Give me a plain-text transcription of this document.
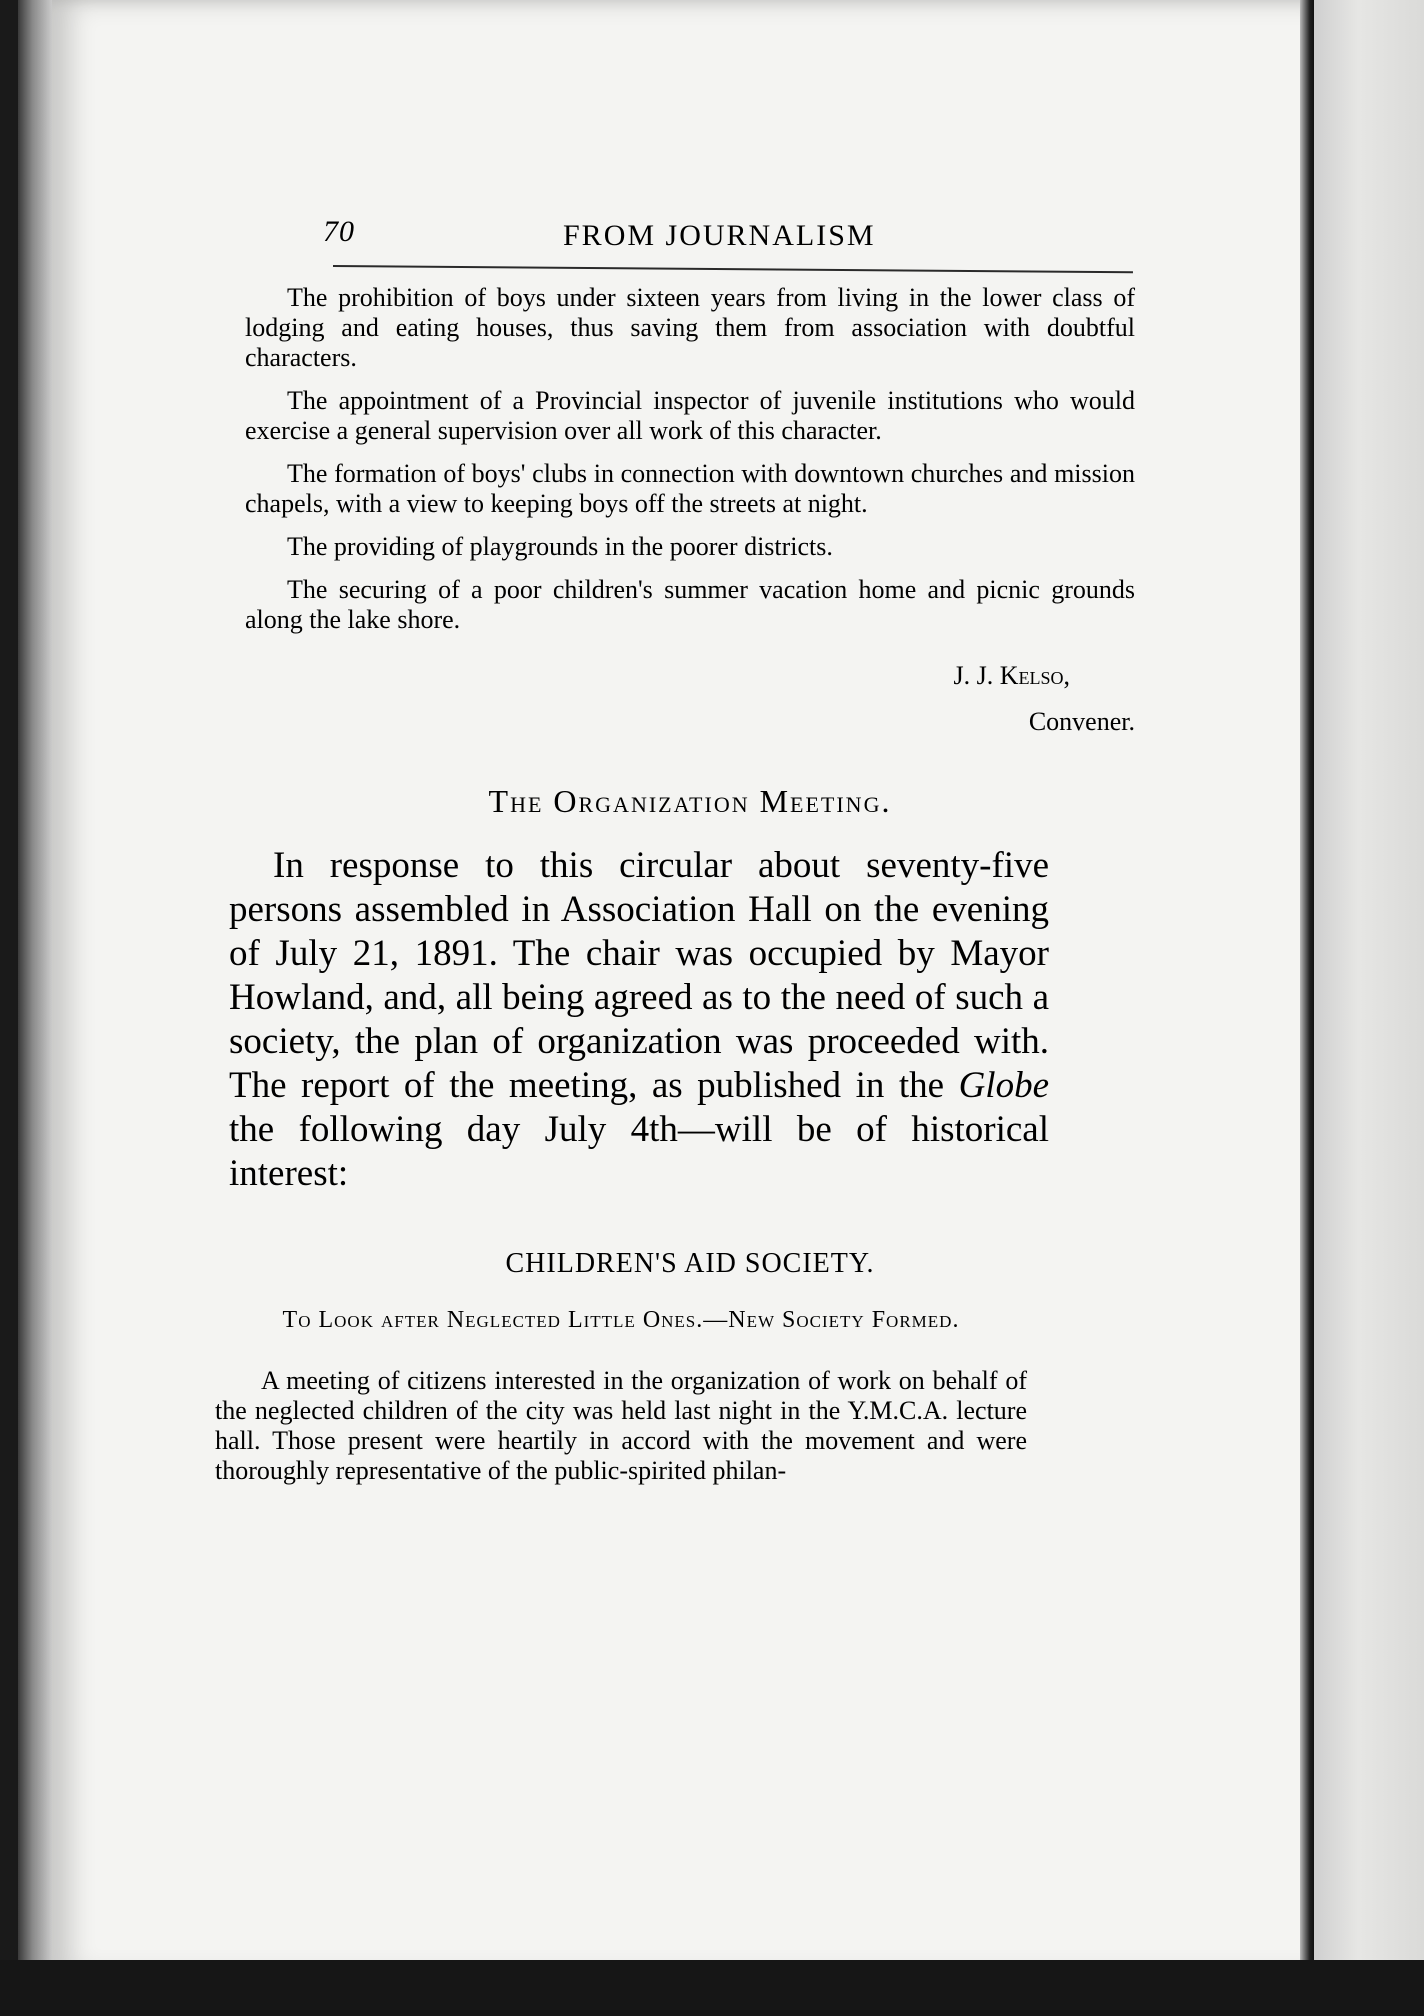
70	FROM JOURNALISM

The prohibition of boys under sixteen years from living in the lower class of lodging and eating houses, thus saving them from association with doubtful characters.

The appointment of a Provincial inspector of juvenile institutions who would exercise a general supervision over all work of this character.

The formation of boys' clubs in connection with downtown churches and mission chapels, with a view to keeping boys off the streets at night.

The providing of playgrounds in the poorer districts.

The securing of a poor children's summer vacation home and picnic grounds along the lake shore.

J. J. Kelso,
Convener.
The Organization Meeting.

In response to this circular about seventy-five persons assembled in Association Hall on the evening of July 21, 1891. The chair was occupied by Mayor Howland, and, all being agreed as to the need of such a society, the plan of organization was proceeded with. The report of the meeting, as published in the Globe the following day July 4th—will be of historical interest:

CHILDREN'S AID SOCIETY.
To Look after Neglected Little Ones.—New Society Formed.

A meeting of citizens interested in the organization of work on behalf of the neglected children of the city was held last night in the Y.M.C.A. lecture hall. Those present were heartily in accord with the movement and were thoroughly representative of the public-spirited philan-
